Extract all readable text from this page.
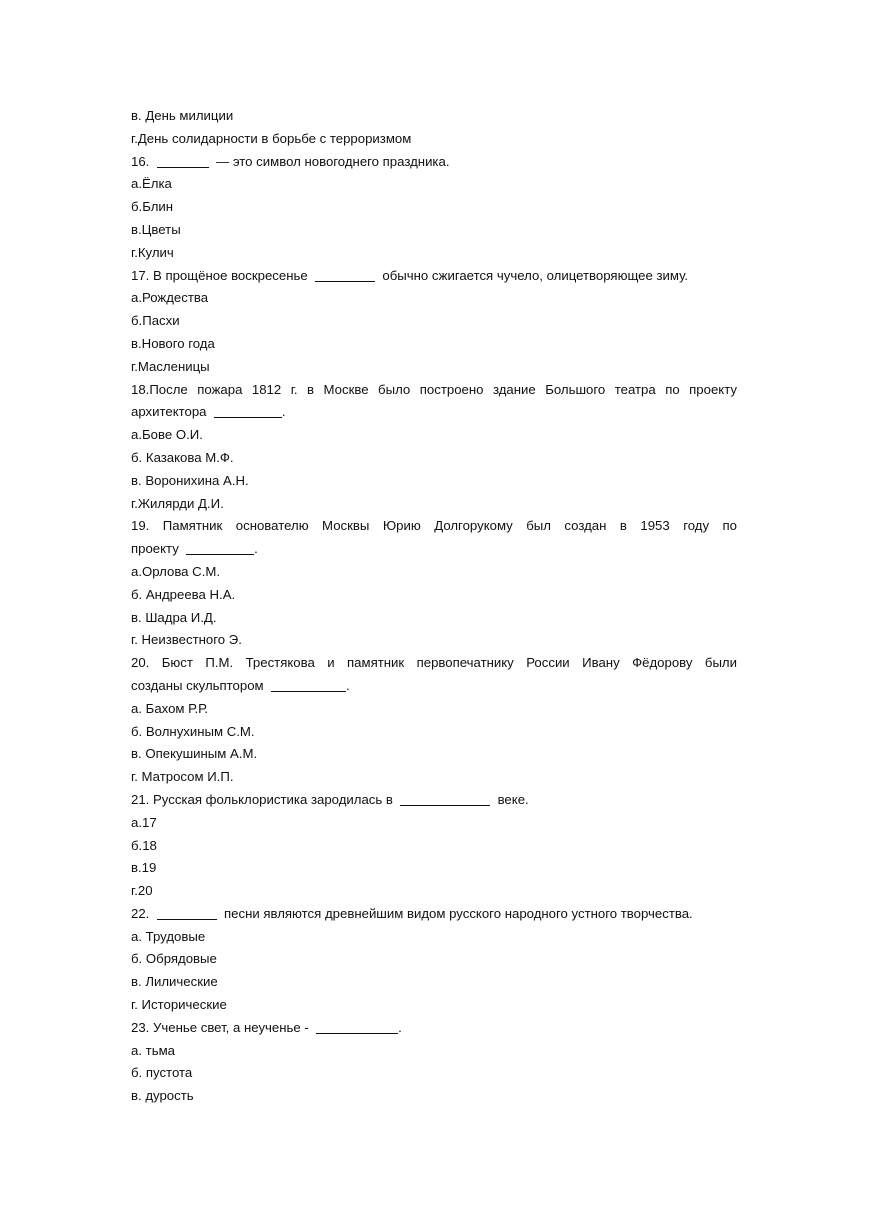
в. День милиции
г.День солидарности в борьбе с терроризмом
16.	— это символ новогоднего праздника.
а.Ёлка
б.Блин
в.Цветы
г.Кулич
17. В прощёное воскресенье	обычно сжигается чучело, олицетворяющее зиму.
а.Рождества
б.Пасхи
в.Нового года
г.Масленицы
18.После пожара 1812 г. в Москве было построено здание Большого театра по проекту
архитектора	.
а.Бове О.И.
б. Казакова М.Ф.
в. Воронихина А.Н.
г.Жилярди Д.И.
19. Памятник основателю Москвы Юрию Долгорукому был создан в 1953 году по
проекту	.
а.Орлова С.М.
б. Андреева Н.А.
в. Шадра И.Д.
г. Неизвестного Э.
20. Бюст П.М. Трестякова и памятник первопечатнику России Ивану Фёдорову были
созданы скульптором	.
а. Бахом Р.Р.
б. Волнухиным С.М.
в. Опекушиным А.М.
г. Матросом И.П.
21. Русская фольклористика зародилась в	веке.
а.17
б.18
в.19
г.20
22.	песни являются древнейшим видом русского народного устного творчества.
а. Трудовые
б. Обрядовые
в. Лилические
г. Исторические
23. Ученье свет, а неученье -	.
а. тьма
б. пустота
в. дурость
